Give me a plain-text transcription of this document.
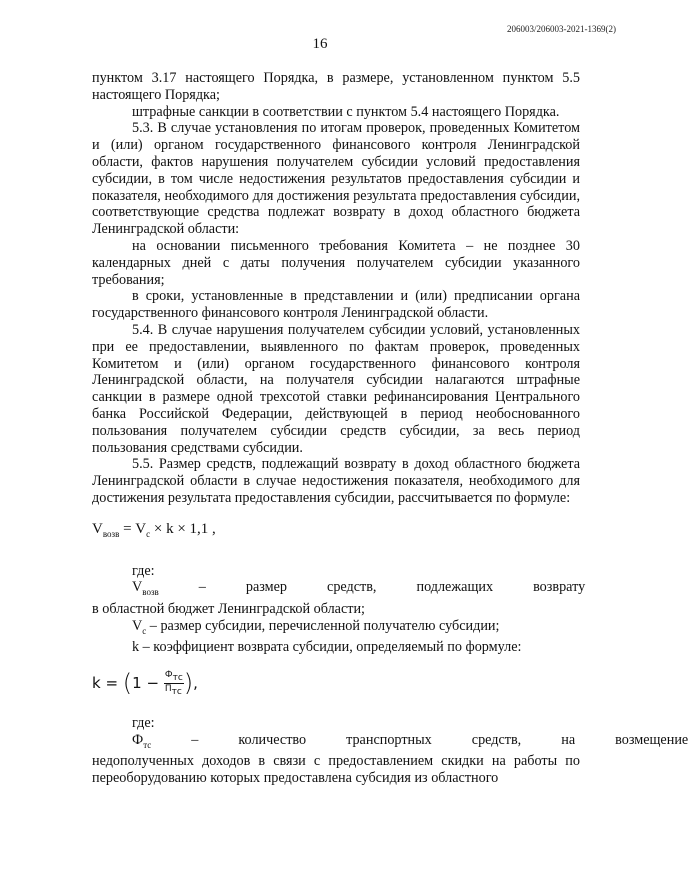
206003/206003-2021-1369(2)
16

пунктом 3.17 настоящего Порядка, в размере, установленном пунктом 5.5 настоящего Порядка;

штрафные санкции в соответствии с пунктом 5.4 настоящего Порядка.

5.3. В случае установления по итогам проверок, проведенных Комитетом и (или) органом государственного финансового контроля Ленинградской области, фактов нарушения получателем субсидии условий предоставления субсидии, в том числе недостижения результатов предоставления субсидии и показателя, необходимого для достижения результата предоставления субсидии, соответствующие средства подлежат возврату в доход областного бюджета Ленинградской области:

на основании письменного требования Комитета – не позднее 30 календарных дней с даты получения получателем субсидии указанного требования;

в сроки, установленные в представлении и (или) предписании органа государственного финансового контроля Ленинградской области.

5.4. В случае нарушения получателем субсидии условий, установленных при ее предоставлении, выявленного по фактам проверок, проведенных Комитетом и (или) органом государственного финансового контроля Ленинградской области, на получателя субсидии налагаются штрафные санкции в размере одной трехсотой ставки рефинансирования Центрального банка Российской Федерации, действующей в период необоснованного пользования получателем субсидии средств субсидии, за весь период пользования средствами субсидии.

5.5. Размер средств, подлежащий возврату в доход областного бюджета Ленинградской области в случае недостижения показателя, необходимого для достижения результата предоставления субсидии, рассчитывается по формуле:

$V_{возв} = V_с \times k \times 1,1$ ,

где:

$V_{возв}$	–	размер	средств,	подлежащих	возврату

в областной бюджет Ленинградской области;

$V_с$ – размер субсидии, перечисленной получателю субсидии;

k – коэффициент возврата субсидии, определяемый по формуле:

$k = (1 - \frac{Ф_{тс}}{П_{тс}}$ ),

где:

$Ф_{тс}$	–	количество	транспортных	средств,	на	возмещение

недополученных доходов в связи с предоставлением скидки на работы по переоборудованию которых предоставлена субсидия из областного
